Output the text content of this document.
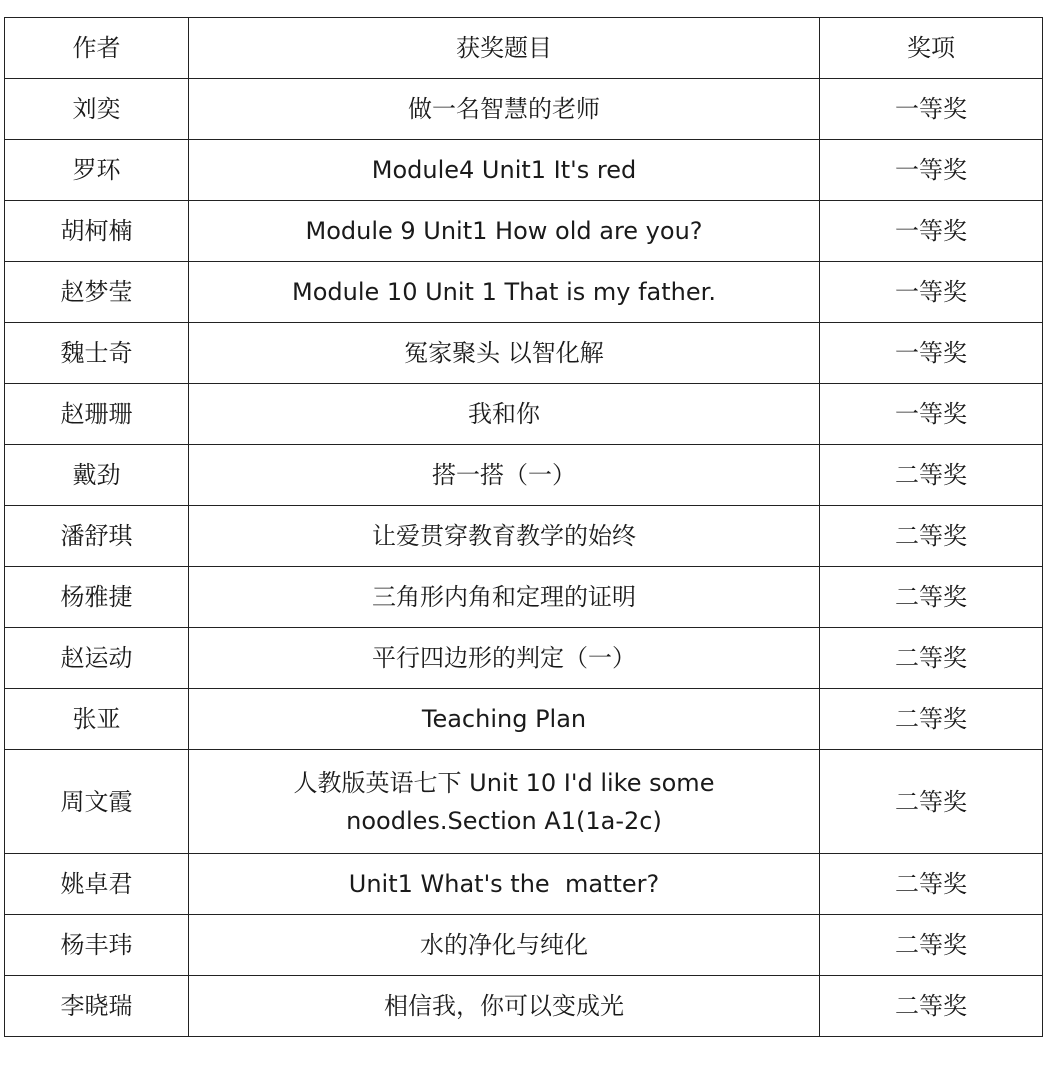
作者	获奖题目	奖项
刘奕	做一名智慧的老师	一等奖
罗环	Module4 Unit1 It's red	一等奖
胡柯楠	Module 9 Unit1 How old are you?	一等奖
赵梦莹	Module 10 Unit 1 That is my father.	一等奖
魏士奇	冤家聚头 以智化解	一等奖
赵珊珊	我和你	一等奖
戴劲	搭一搭（一）	二等奖
潘舒琪	让爱贯穿教育教学的始终	二等奖
杨雅捷	三角形内角和定理的证明	二等奖
赵运动	平行四边形的判定（一）	二等奖
张亚	Teaching Plan	二等奖
周文霞	人教版英语七下 Unit 10 I'd like some noodles.Section A1(1a-2c)	二等奖
姚卓君	Unit1 What's the  matter?	二等奖
杨丰玮	水的净化与纯化	二等奖
李晓瑞	相信我，你可以变成光	二等奖
